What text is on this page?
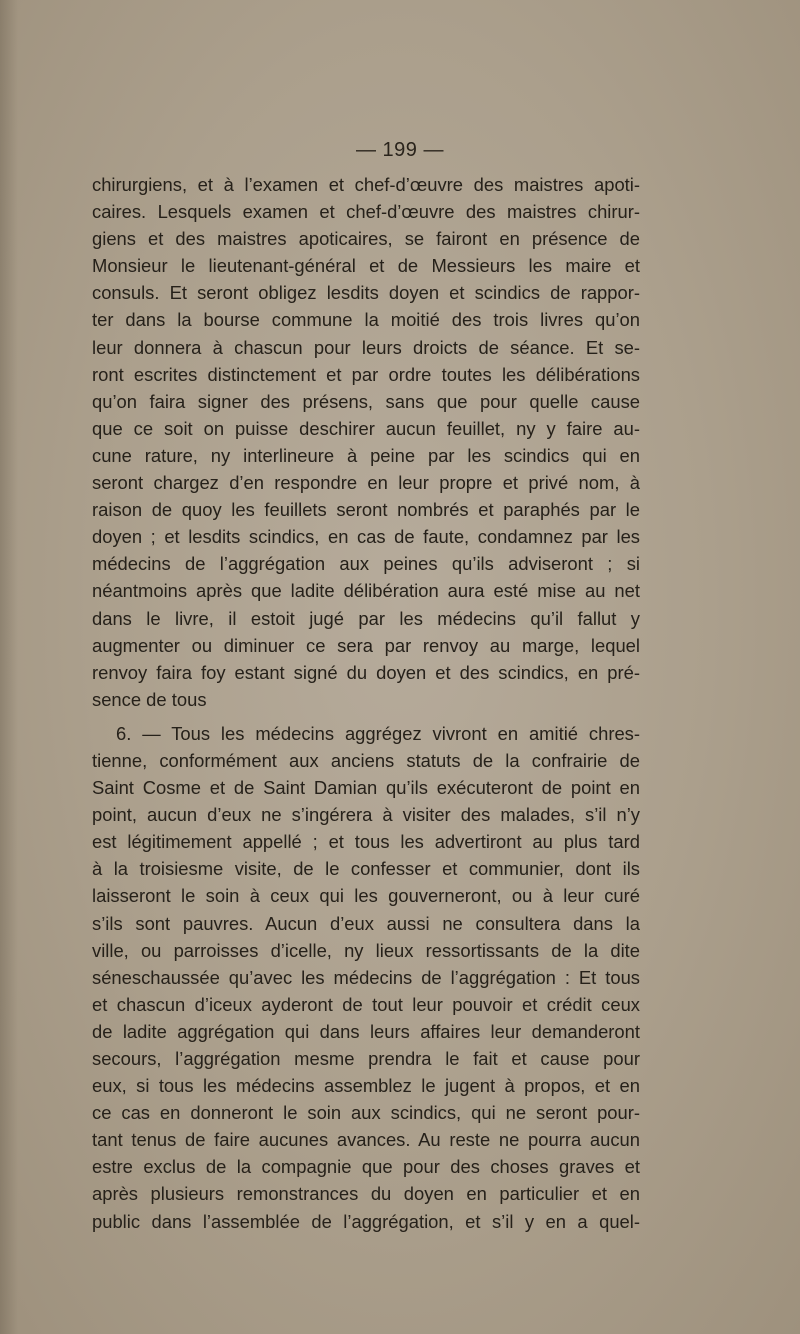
— 199 —
chirurgiens, et à l’examen et chef-d’œuvre des maistres apoti-
caires. Lesquels examen et chef-d’œuvre des maistres chirur-
giens et des maistres apoticaires, se fairont en présence de
Monsieur le lieutenant-général et de Messieurs les maire et
consuls. Et seront obligez lesdits doyen et scindics de rappor-
ter dans la bourse commune la moitié des trois livres qu’on
leur donnera à chascun pour leurs droicts de séance. Et se-
ront escrites distinctement et par ordre toutes les délibérations
qu’on faira signer des présens, sans que pour quelle cause
que ce soit on puisse deschirer aucun feuillet, ny y faire au-
cune rature, ny interlineure à peine par les scindics qui en
seront chargez d’en respondre en leur propre et privé nom, à
raison de quoy les feuillets seront nombrés et paraphés par le
doyen ; et lesdits scindics, en cas de faute, condamnez par les
médecins de l’aggrégation aux peines qu’ils adviseront ; si
néantmoins après que ladite délibération aura esté mise au net
dans le livre, il estoit jugé par les médecins qu’il fallut y
augmenter ou diminuer ce sera par renvoy au marge, lequel
renvoy faira foy estant signé du doyen et des scindics, en pré-
sence de tous
6. — Tous les médecins aggrégez vivront en amitié chres-
tienne, conformément aux anciens statuts de la confrairie de
Saint Cosme et de Saint Damian qu’ils exécuteront de point en
point, aucun d’eux ne s’ingérera à visiter des malades, s’il n’y
est légitimement appellé ; et tous les advertiront au plus tard
à la troisiesme visite, de le confesser et communier, dont ils
laisseront le soin à ceux qui les gouverneront, ou à leur curé
s’ils sont pauvres. Aucun d’eux aussi ne consultera dans la
ville, ou parroisses d’icelle, ny lieux ressortissants de la dite
séneschaussée qu’avec les médecins de l’aggrégation : Et tous
et chascun d’iceux ayderont de tout leur pouvoir et crédit ceux
de ladite aggrégation qui dans leurs affaires leur demanderont
secours, l’aggrégation mesme prendra le fait et cause pour
eux, si tous les médecins assemblez le jugent à propos, et en
ce cas en donneront le soin aux scindics, qui ne seront pour-
tant tenus de faire aucunes avances. Au reste ne pourra aucun
estre exclus de la compagnie que pour des choses graves et
après plusieurs remonstrances du doyen en particulier et en
public dans l’assemblée de l’aggrégation, et s’il y en a quel-
